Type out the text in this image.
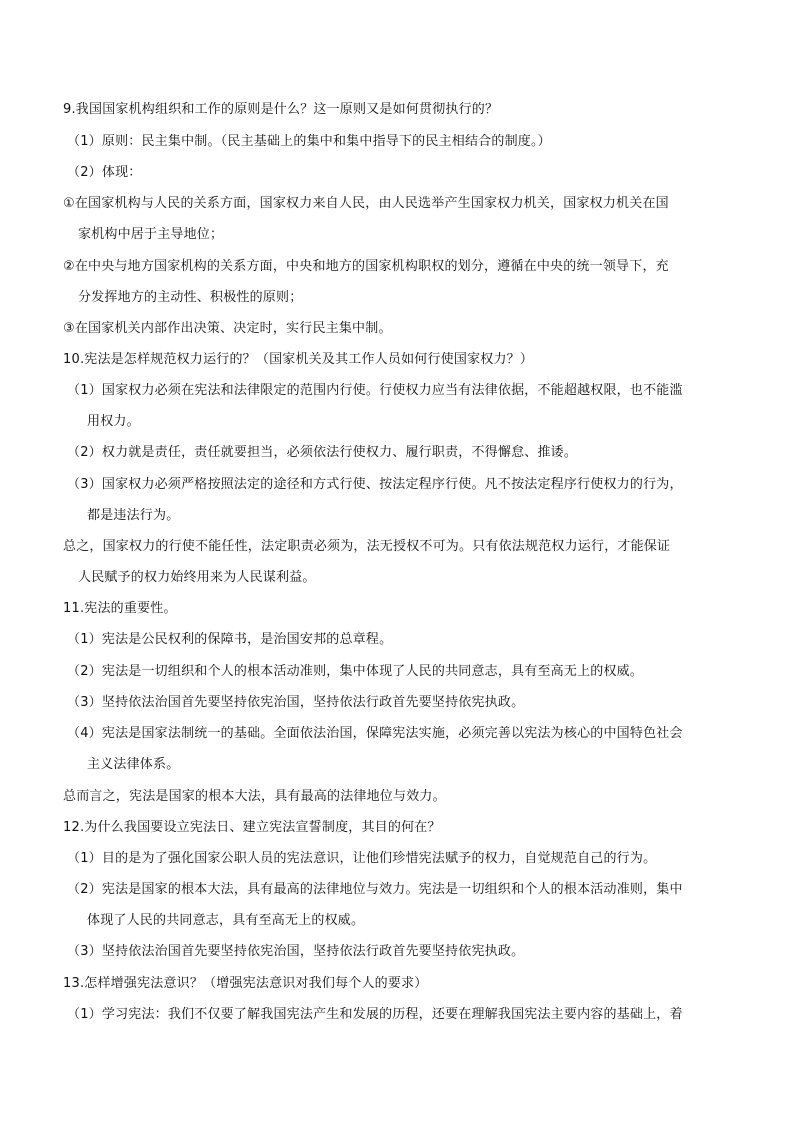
9.我国国家机构组织和工作的原则是什么？这一原则又是如何贯彻执行的？
（1）原则：民主集中制。（民主基础上的集中和集中指导下的民主相结合的制度。）
（2）体现：
①在国家机构与人民的关系方面，国家权力来自人民，由人民选举产生国家权力机关，国家权力机关在国
家机构中居于主导地位；
②在中央与地方国家机构的关系方面，中央和地方的国家机构职权的划分，遵循在中央的统一领导下，充
分发挥地方的主动性、积极性的原则；
③在国家机关内部作出决策、决定时，实行民主集中制。
10.宪法是怎样规范权力运行的？（国家机关及其工作人员如何行使国家权力？）
（1）国家权力必须在宪法和法律限定的范围内行使。行使权力应当有法律依据，不能超越权限，也不能滥
用权力。
（2）权力就是责任，责任就要担当，必须依法行使权力、履行职责，不得懈怠、推诿。
（3）国家权力必须严格按照法定的途径和方式行使、按法定程序行使。凡不按法定程序行使权力的行为，
都是违法行为。
总之，国家权力的行使不能任性，法定职责必须为，法无授权不可为。只有依法规范权力运行，才能保证
人民赋予的权力始终用来为人民谋利益。
11.宪法的重要性。
（1）宪法是公民权利的保障书，是治国安邦的总章程。
（2）宪法是一切组织和个人的根本活动准则，集中体现了人民的共同意志，具有至高无上的权威。
（3）坚持依法治国首先要坚持依宪治国，坚持依法行政首先要坚持依宪执政。
（4）宪法是国家法制统一的基础。全面依法治国，保障宪法实施，必须完善以宪法为核心的中国特色社会
主义法律体系。
总而言之，宪法是国家的根本大法，具有最高的法律地位与效力。
12.为什么我国要设立宪法日、建立宪法宣誓制度，其目的何在？
（1）目的是为了强化国家公职人员的宪法意识，让他们珍惜宪法赋予的权力，自觉规范自己的行为。
（2）宪法是国家的根本大法，具有最高的法律地位与效力。宪法是一切组织和个人的根本活动准则，集中
体现了人民的共同意志，具有至高无上的权威。
（3）坚持依法治国首先要坚持依宪治国，坚持依法行政首先要坚持依宪执政。
13.怎样增强宪法意识？（增强宪法意识对我们每个人的要求）
（1）学习宪法：我们不仅要了解我国宪法产生和发展的历程，还要在理解我国宪法主要内容的基础上，着
